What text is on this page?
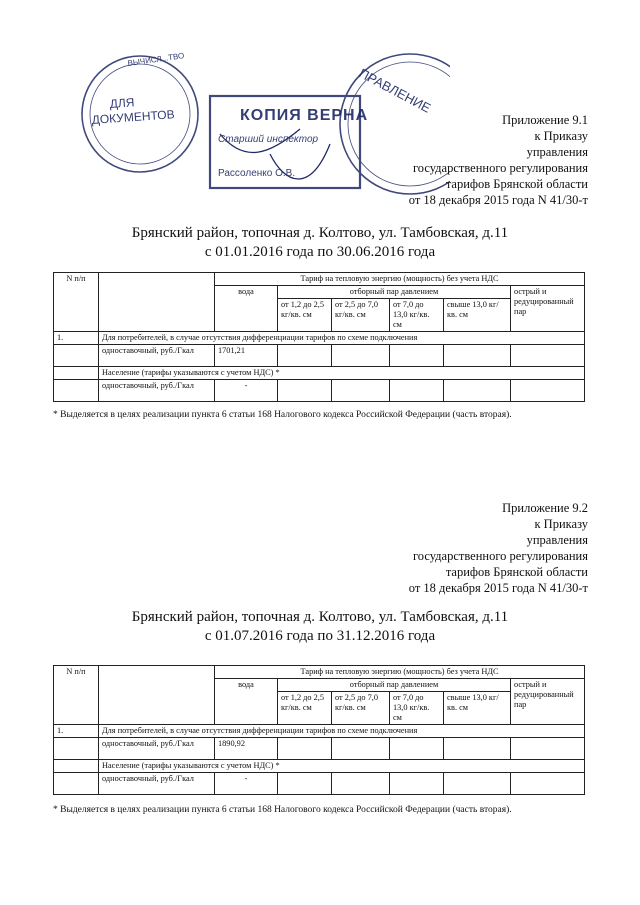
ВЫЧИСЛ...ТВО
ДЛЯ
ДОКУМЕНТОВ	КОПИЯ ВЕРНА
Старший инспектор
Рассоленко О.В.
ПРАВЛЕНИЕ
Приложение 9.1
к Приказу
управления
государственного регулирования
тарифов Брянской области
от 18 декабря 2015 года N 41/30-т
Брянский район, топочная д. Колтово, ул. Тамбовская, д.11
с 01.01.2016 года по 30.06.2016 года
N п/п		Тариф на тепловую энергию (мощность) без учета НДС					
		вода	отборный пар давлением				острый и редуцированный пар
			от 1,2 до 2,5 кг/кв. см	от 2,5 до 7,0 кг/кв. см	от 7,0 до 13,0 кг/кв. см	свыше 13,0 кг/кв. см	
1.	Для потребителей, в случае отсутствия дифференциации тарифов по схеме подключения						
	одноставочный, руб./Гкал	1701,21					
	Население (тарифы указываются с учетом НДС) *						
	одноставочный, руб./Гкал	-					
* Выделяется в целях реализации пункта 6 статьи 168 Налогового кодекса Российской Федерации (часть вторая).
Приложение 9.2
к Приказу
управления
государственного регулирования
тарифов Брянской области
от 18 декабря 2015 года N 41/30-т
Брянский район, топочная д. Колтово, ул. Тамбовская, д.11
с 01.07.2016 года по 31.12.2016 года
N п/п		Тариф на тепловую энергию (мощность) без учета НДС					
		вода	отборный пар давлением				острый и редуцированный пар
			от 1,2 до 2,5 кг/кв. см	от 2,5 до 7,0 кг/кв. см	от 7,0 до 13,0 кг/кв. см	свыше 13,0 кг/кв. см	
1.	Для потребителей, в случае отсутствия дифференциации тарифов по схеме подключения						
	одноставочный, руб./Гкал	1890,92					
	Население (тарифы указываются с учетом НДС) *						
	одноставочный, руб./Гкал	-					
* Выделяется в целях реализации пункта 6 статьи 168 Налогового кодекса Российской Федерации (часть вторая).
